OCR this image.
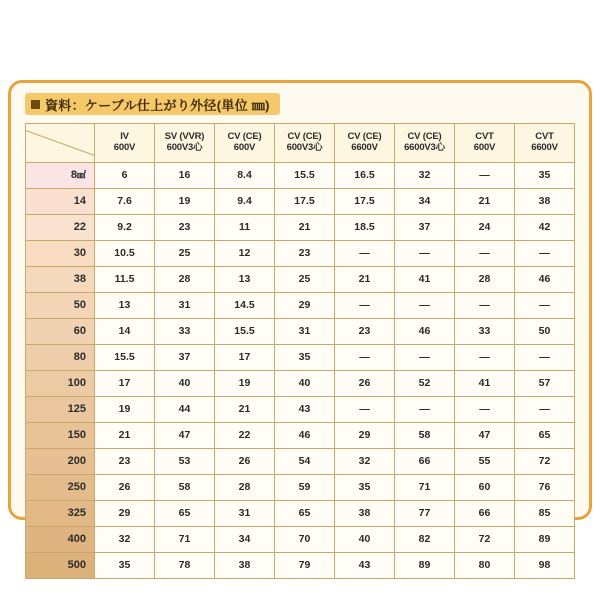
資料：ケーブル仕上がり外径(単位 ㎜)

	IV
600V	SV (VVR)
600V3心	CV (CE)
600V	CV (CE)
600V3心	CV (CE)
6600V	CV (CE)
6600V3心	CVT
600V	CVT
6600V

8㎟	6	16	8.4	15.5	16.5	32	—	35
14	7.6	19	9.4	17.5	17.5	34	21	38
22	9.2	23	11	21	18.5	37	24	42
30	10.5	25	12	23	—	—	—	—
38	11.5	28	13	25	21	41	28	46
50	13	31	14.5	29	—	—	—	—
60	14	33	15.5	31	23	46	33	50
80	15.5	37	17	35	—	—	—	—
100	17	40	19	40	26	52	41	57
125	19	44	21	43	—	—	—	—
150	21	47	22	46	29	58	47	65
200	23	53	26	54	32	66	55	72
250	26	58	28	59	35	71	60	76
325	29	65	31	65	38	77	66	85
400	32	71	34	70	40	82	72	89
500	35	78	38	79	43	89	80	98
